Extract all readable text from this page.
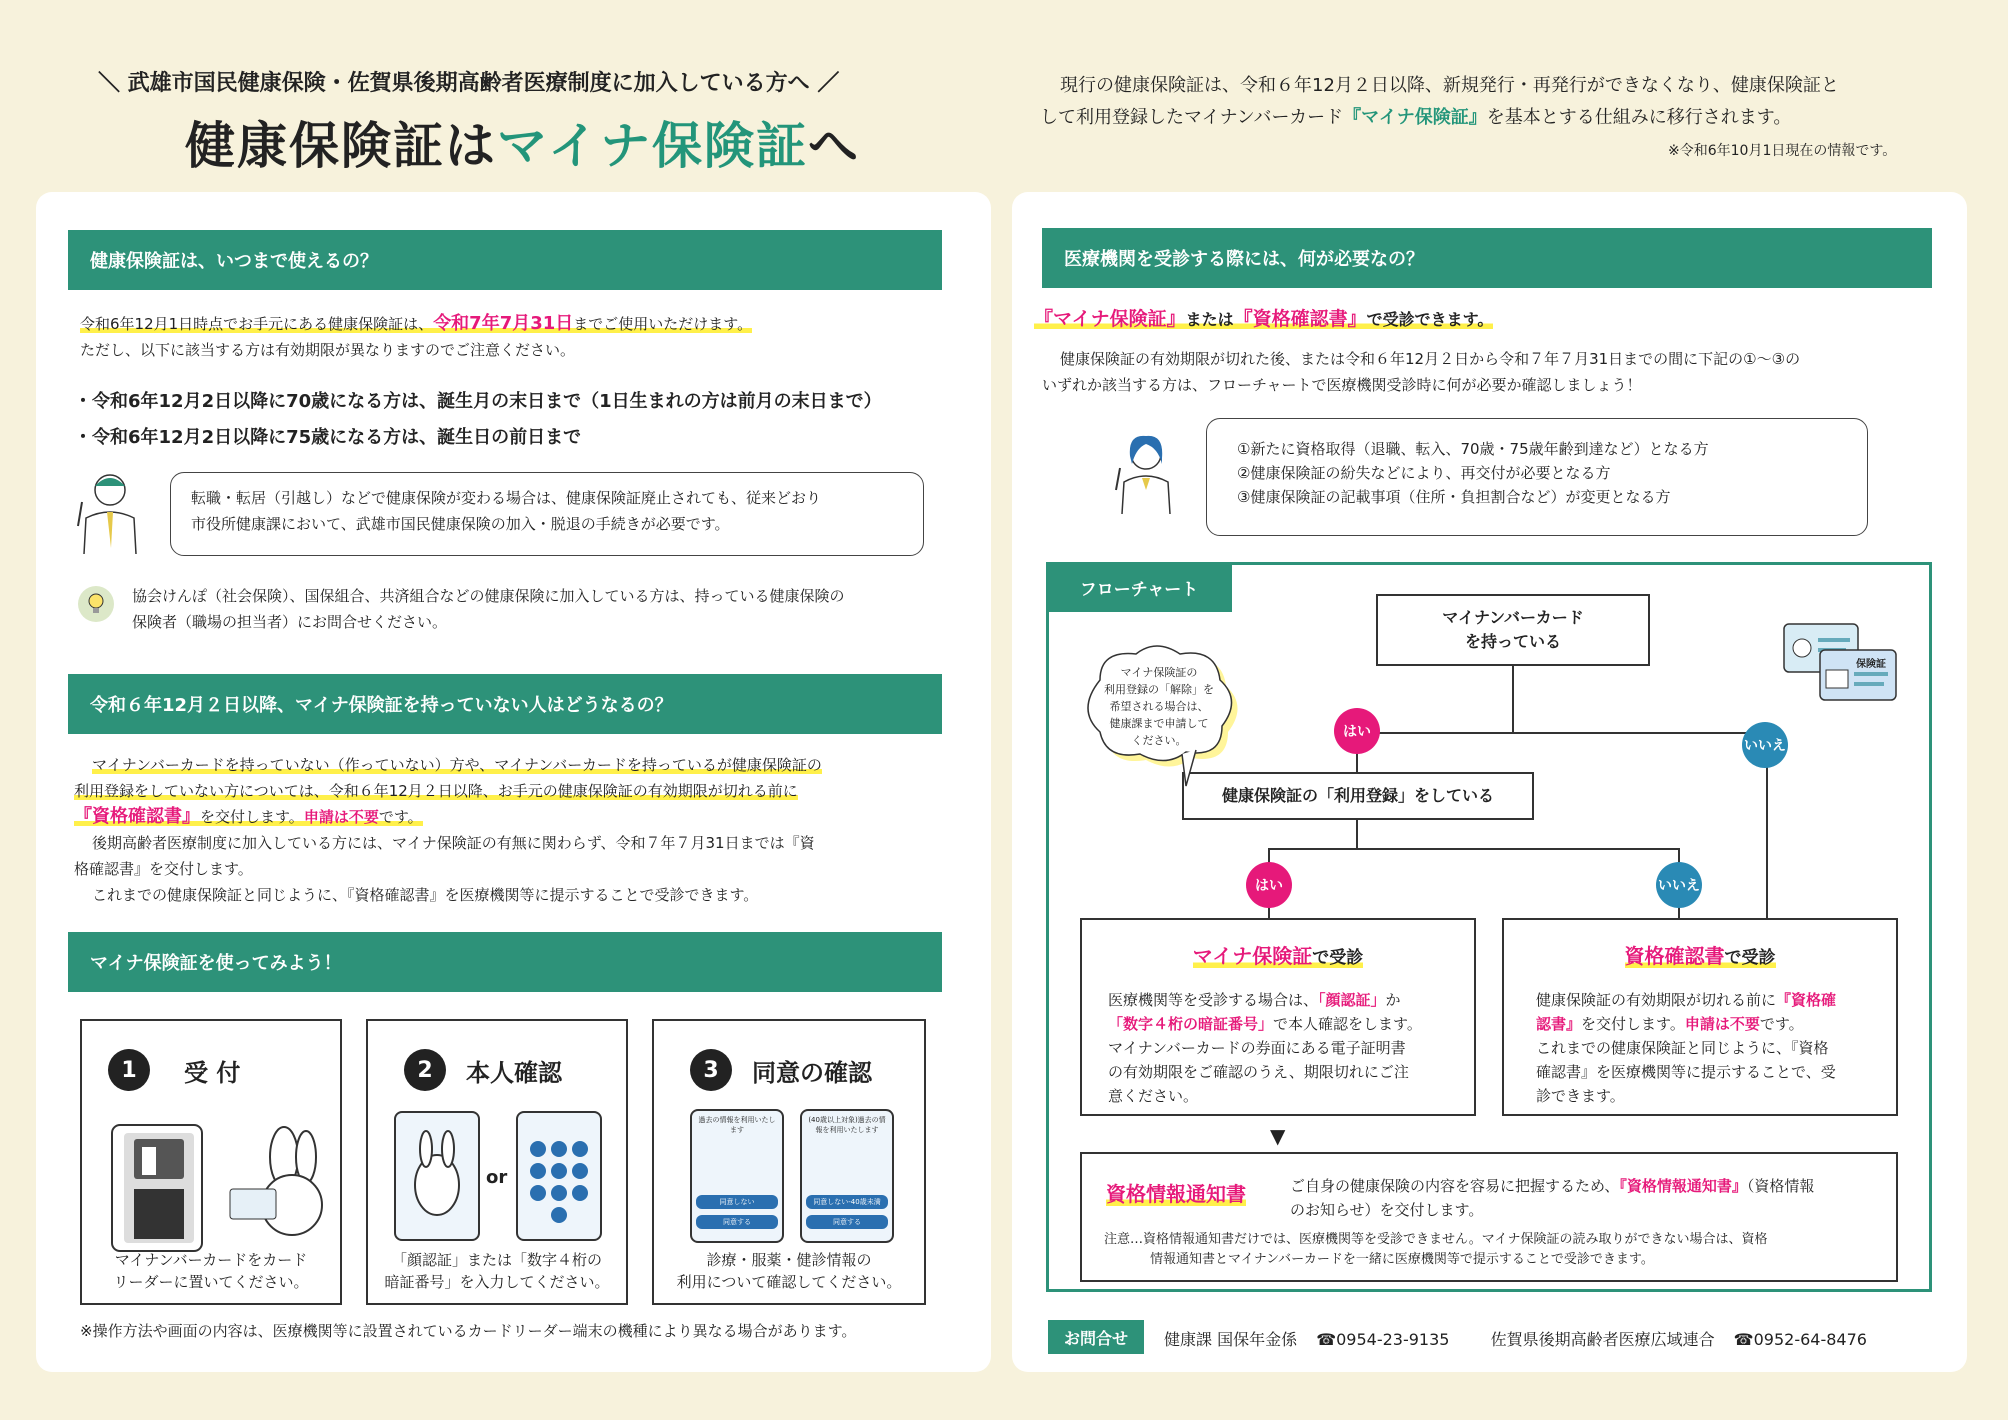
＼ 武雄市国民健康保険・佐賀県後期高齢者医療制度に加入している方へ ／
健康保険証はマイナ保険証へ
現行の健康保険証は、令和６年12月２日以降、新規発行・再発行ができなくなり、健康保険証と
して利用登録したマイナンバーカード『マイナ保険証』を基本とする仕組みに移行されます。
※令和6年10月1日現在の情報です。
健康保険証は、いつまで使えるの？
令和6年12月1日時点でお手元にある健康保険証は、令和7年7月31日までご使用いただけます。
ただし、以下に該当する方は有効期限が異なりますのでご注意ください。
・令和6年12月2日以降に70歳になる方は、誕生月の末日まで（1日生まれの方は前月の末日まで）
・令和6年12月2日以降に75歳になる方は、誕生日の前日まで
転職・転居（引越し）などで健康保険が変わる場合は、健康保険証廃止されても、従来どおり
市役所健康課において、武雄市国民健康保険の加入・脱退の手続きが必要です。
協会けんぽ（社会保険）、国保組合、共済組合などの健康保険に加入している方は、持っている健康保険の
保険者（職場の担当者）にお問合せください。
令和６年12月２日以降、マイナ保険証を持っていない人はどうなるの？
マイナンバーカードを持っていない（作っていない）方や、マイナンバーカードを持っているが健康保険証の
利用登録をしていない方については、令和６年12月２日以降、お手元の健康保険証の有効期限が切れる前に
『資格確認書』を交付します。申請は不要です。
後期高齢者医療制度に加入している方には、マイナ保険証の有無に関わらず、令和７年７月31日までは『資
格確認書』を交付します。
これまでの健康保険証と同じように、『資格確認書』を医療機関等に提示することで受診できます。
マイナ保険証を使ってみよう！
1	受 付
マイナンバーカードをカード
リーダーに置いてください。
2	本人確認
or
「顔認証」または「数字４桁の
暗証番号」を入力してください。
3	同意の確認
過去の情報を利用いたします
同意しない
同意する
(40歳以上対象)過去の情報を利用いたします
同意しない-40歳未満
同意する
診療・服薬・健診情報の
利用について確認してください。
※操作方法や画面の内容は、医療機関等に設置されているカードリーダー端末の機種により異なる場合があります。
医療機関を受診する際には、何が必要なの？
『マイナ保険証』または『資格確認書』で受診できます。
健康保険証の有効期限が切れた後、または令和６年12月２日から令和７年７月31日までの間に下記の①〜③の
いずれか該当する方は、フローチャートで医療機関受診時に何が必要か確認しましょう！
①新たに資格取得（退職、転入、70歳・75歳年齢到達など）となる方
②健康保険証の紛失などにより、再交付が必要となる方
③健康保険証の記載事項（住所・負担割合など）が変更となる方
フローチャート
マイナンバーカード
を持っている
健康保険証の「利用登録」をしている
はい
いいえ
はい	いいえ
マイナ保険証の
利用登録の「解除」を
希望される場合は、
健康課まで申請して
ください。
保険証
マイナ保険証で受診
医療機関等を受診する場合は、「顔認証」か
「数字４桁の暗証番号」で本人確認をします。
マイナンバーカードの券面にある電子証明書
の有効期限をご確認のうえ、期限切れにご注
意ください。
資格確認書で受診
健康保険証の有効期限が切れる前に『資格確
認書』を交付します。申請は不要です。
これまでの健康保険証と同じように、『資格
確認書』を医療機関等に提示することで、受
診できます。
▼
資格情報通知書	ご自身の健康保険の内容を容易に把握するため、『資格情報通知書』（資格情報
のお知らせ）を交付します。
注意…資格情報通知書だけでは、医療機関等を受診できません。マイナ保険証の読み取りができない場合は、資格
情報通知書とマイナンバーカードを一緒に医療機関等で提示することで受診できます。
お問合せ	健康課 国保年金係 ☎0954-23-9135	佐賀県後期高齢者医療広域連合 ☎0952-64-8476
